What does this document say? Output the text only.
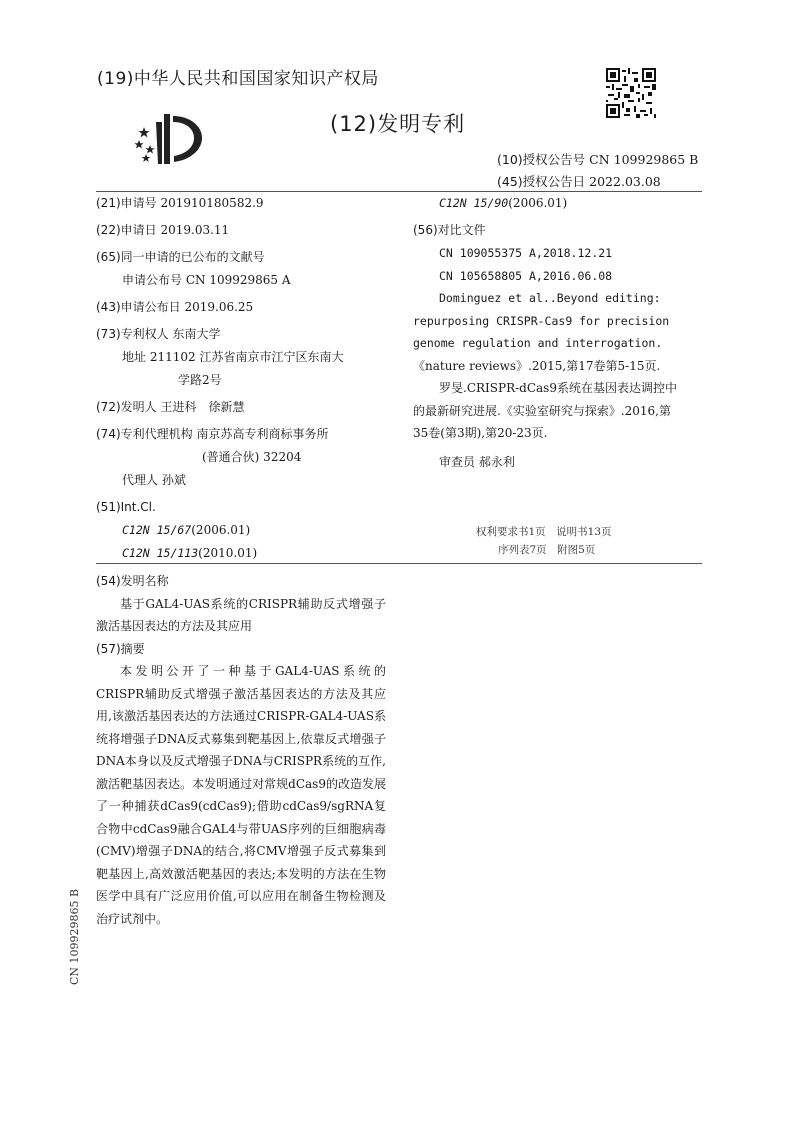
(19)中华人民共和国国家知识产权局
(12)发明专利
(10)授权公告号 CN 109929865 B
(45)授权公告日 2022.03.08
(21)申请号 201910180582.9
(22)申请日 2019.03.11
(65)同一申请的已公布的文献号
申请公布号 CN 109929865 A
(43)申请公布日 2019.06.25
(73)专利权人 东南大学
地址 211102 江苏省南京市江宁区东南大
学路2号
(72)发明人 王进科　徐新慧
(74)专利代理机构 南京苏高专利商标事务所
(普通合伙) 32204
代理人 孙斌
(51)Int.Cl.
C12N 15/67(2006.01)
C12N 15/113(2010.01)
C12N 15/90(2006.01)
(56)对比文件
CN 109055375 A,2018.12.21
CN 105658805 A,2016.06.08
Dominguez et al..Beyond editing:
repurposing CRISPR-Cas9 for precision
genome regulation and interrogation.
《nature reviews》.2015,第17卷第5-15页.
罗旻.CRISPR-dCas9系统在基因表达调控中
的最新研究进展.《实验室研究与探索》.2016,第
35卷(第3期),第20-23页.
审查员 郝永利
权利要求书1页　说明书13页
序列表7页　附图5页
(54)发明名称
基于GAL4-UAS系统的CRISPR辅助反式增强子激活基因表达的方法及其应用
(57)摘要
本发明公开了一种基于GAL4-UAS系统的CRISPR辅助反式增强子激活基因表达的方法及其应用,该激活基因表达的方法通过CRISPR-GAL4-UAS系统将增强子DNA反式募集到靶基因上,依靠反式增强子DNA本身以及反式增强子DNA与CRISPR系统的互作,激活靶基因表达。本发明通过对常规dCas9的改造发展了一种捕获dCas9(cdCas9);借助cdCas9/sgRNA复合物中cdCas9融合GAL4与带UAS序列的巨细胞病毒(CMV)增强子DNA的结合,将CMV增强子反式募集到靶基因上,高效激活靶基因的表达;本发明的方法在生物医学中具有广泛应用价值,可以应用在制备生物检测及治疗试剂中。
CN 109929865 B
